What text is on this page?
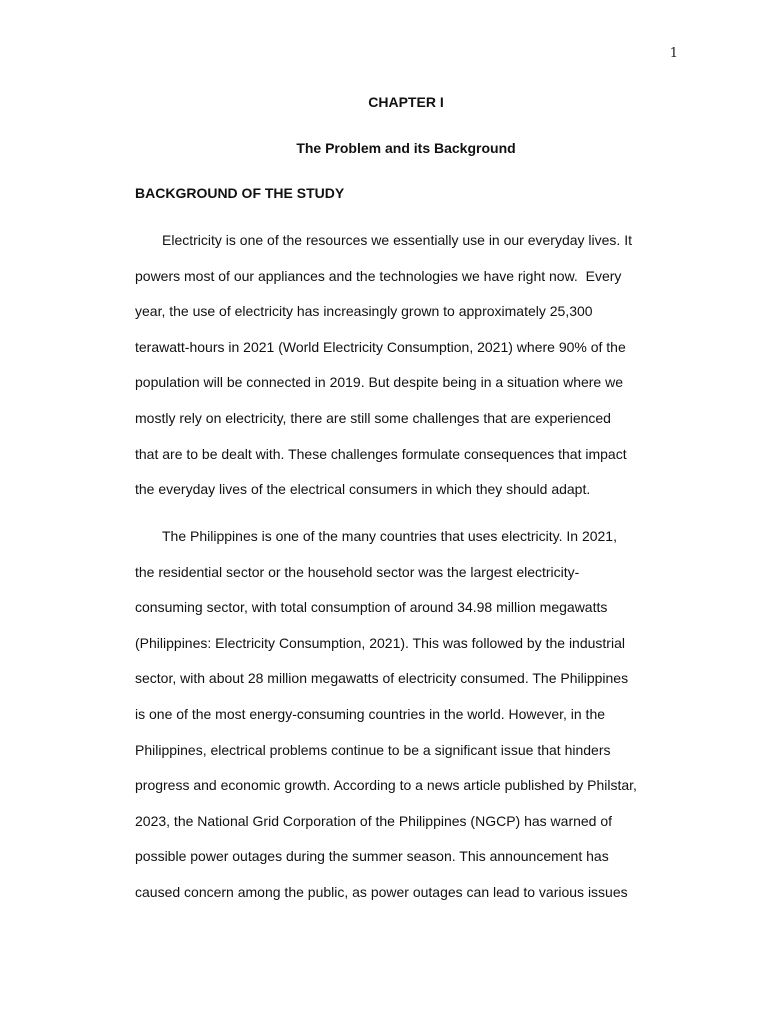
1
CHAPTER I
The Problem and its Background
BACKGROUND OF THE STUDY
Electricity is one of the resources we essentially use in our everyday lives. It
powers most of our appliances and the technologies we have right now.  Every
year, the use of electricity has increasingly grown to approximately 25,300
terawatt-hours in 2021 (World Electricity Consumption, 2021) where 90% of the
population will be connected in 2019. But despite being in a situation where we
mostly rely on electricity, there are still some challenges that are experienced
that are to be dealt with. These challenges formulate consequences that impact
the everyday lives of the electrical consumers in which they should adapt.
The Philippines is one of the many countries that uses electricity. In 2021,
the residential sector or the household sector was the largest electricity-
consuming sector, with total consumption of around 34.98 million megawatts
(Philippines: Electricity Consumption, 2021). This was followed by the industrial
sector, with about 28 million megawatts of electricity consumed. The Philippines
is one of the most energy-consuming countries in the world. However, in the
Philippines, electrical problems continue to be a significant issue that hinders
progress and economic growth. According to a news article published by Philstar,
2023, the National Grid Corporation of the Philippines (NGCP) has warned of
possible power outages during the summer season. This announcement has
caused concern among the public, as power outages can lead to various issues
